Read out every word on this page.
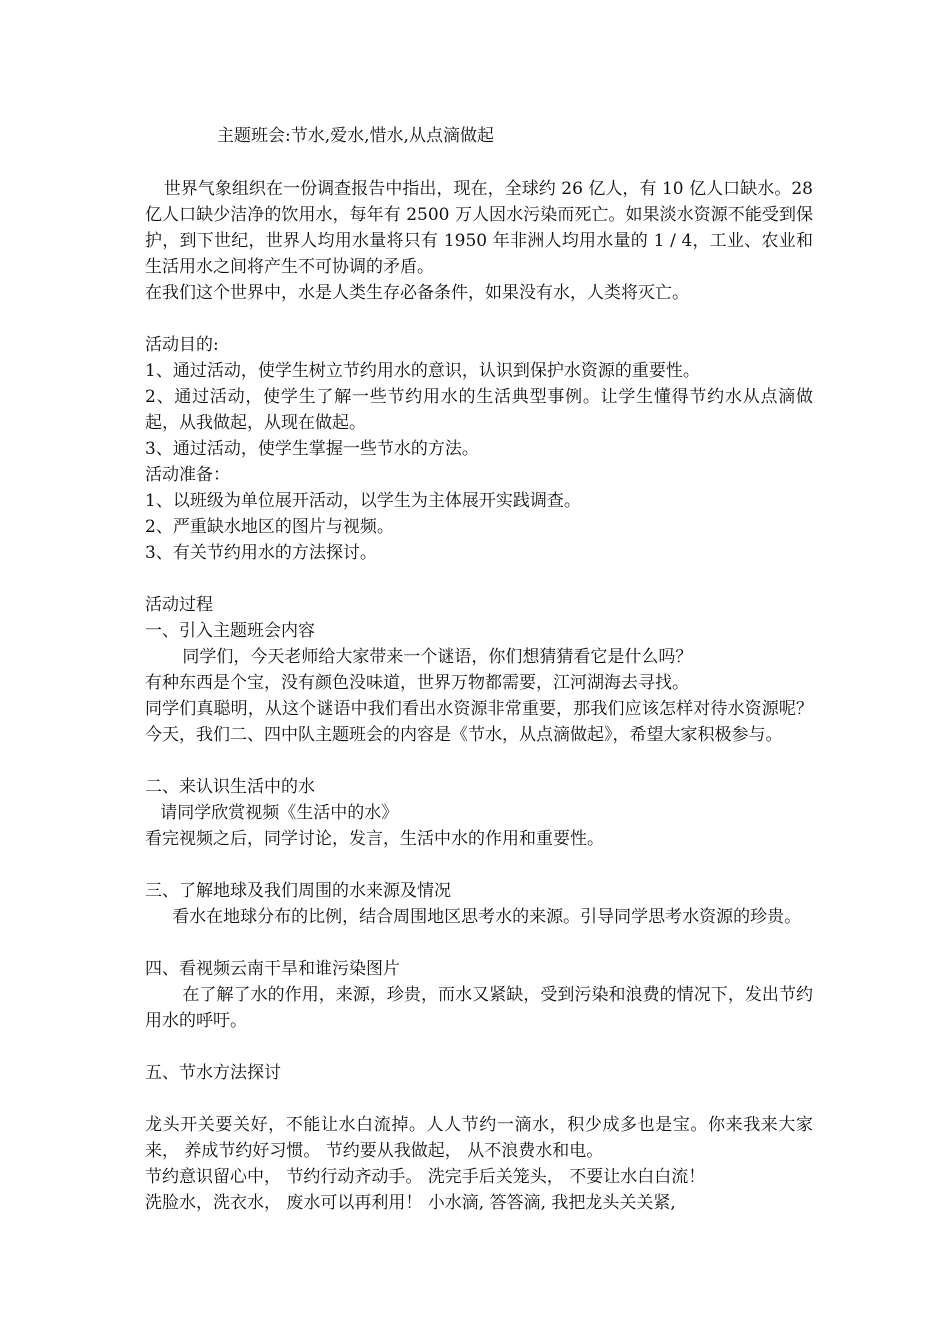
主题班会:节水,爱水,惜水,从点滴做起

世界气象组织在一份调查报告中指出，现在，全球约 26 亿人，有 10 亿人口缺水。28 亿人口缺少洁净的饮用水，每年有 2500 万人因水污染而死亡。如果淡水资源不能受到保护，到下世纪，世界人均用水量将只有 1950 年非洲人均用水量的 1 / 4，工业、农业和生活用水之间将产生不可协调的矛盾。

在我们这个世界中，水是人类生存必备条件，如果没有水，人类将灭亡。

活动目的:

1、通过活动，使学生树立节约用水的意识，认识到保护水资源的重要性。

2、通过活动，使学生了解一些节约用水的生活典型事例。让学生懂得节约水从点滴做起，从我做起，从现在做起。

3、通过活动，使学生掌握一些节水的方法。

活动准备：

1、以班级为单位展开活动，以学生为主体展开实践调查。

2、严重缺水地区的图片与视频。

3、有关节约用水的方法探讨。

活动过程

一、引入主题班会内容

同学们，今天老师给大家带来一个谜语，你们想猜猜看它是什么吗？

有种东西是个宝，没有颜色没味道，世界万物都需要，江河湖海去寻找。

同学们真聪明，从这个谜语中我们看出水资源非常重要，那我们应该怎样对待水资源呢？今天，我们二、四中队主题班会的内容是《节水，从点滴做起》，希望大家积极参与。

二、来认识生活中的水

请同学欣赏视频《生活中的水》

看完视频之后，同学讨论，发言，生活中水的作用和重要性。

三、了解地球及我们周围的水来源及情况

看水在地球分布的比例，结合周围地区思考水的来源。引导同学思考水资源的珍贵。

四、看视频云南干旱和谁污染图片

在了解了水的作用，来源，珍贵，而水又紧缺，受到污染和浪费的情况下，发出节约用水的呼吁。

五、节水方法探讨

龙头开关要关好，不能让水白流掉。人人节约一滴水，积少成多也是宝。你来我来大家来， 养成节约好习惯。 节约要从我做起， 从不浪费水和电。

节约意识留心中， 节约行动齐动手。 洗完手后关笼头， 不要让水白白流！

洗脸水，洗衣水， 废水可以再利用！ 小水滴, 答答滴, 我把龙头关关紧,
